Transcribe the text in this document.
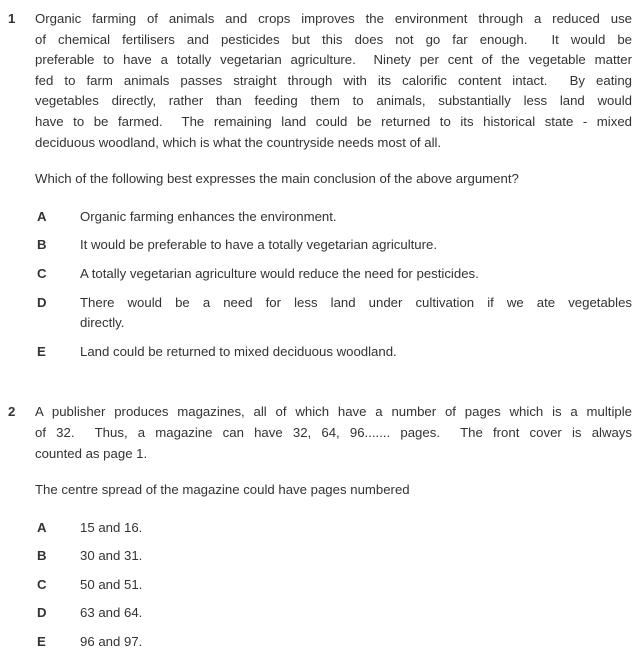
1	Organic farming of animals and crops improves the environment through a reduced use
of chemical fertilisers and pesticides but this does not go far enough.  It would be
preferable to have a totally vegetarian agriculture.  Ninety per cent of the vegetable matter
fed to farm animals passes straight through with its calorific content intact.  By eating
vegetables directly, rather than feeding them to animals, substantially less land would
have to be farmed.  The remaining land could be returned to its historical state - mixed
deciduous woodland, which is what the countryside needs most of all.
Which of the following best expresses the main conclusion of the above argument?
A	Organic farming enhances the environment.
B	It would be preferable to have a totally vegetarian agriculture.
C	A totally vegetarian agriculture would reduce the need for pesticides.
D	There would be a need for less land under cultivation if we ate vegetables
directly.
E	Land could be returned to mixed deciduous woodland.
2	A publisher produces magazines, all of which have a number of pages which is a multiple
of 32.  Thus, a magazine can have 32, 64, 96....... pages.  The front cover is always
counted as page 1.
The centre spread of the magazine could have pages numbered
A	15 and 16.
B	30 and 31.
C	50 and 51.
D	63 and 64.
E	96 and 97.
